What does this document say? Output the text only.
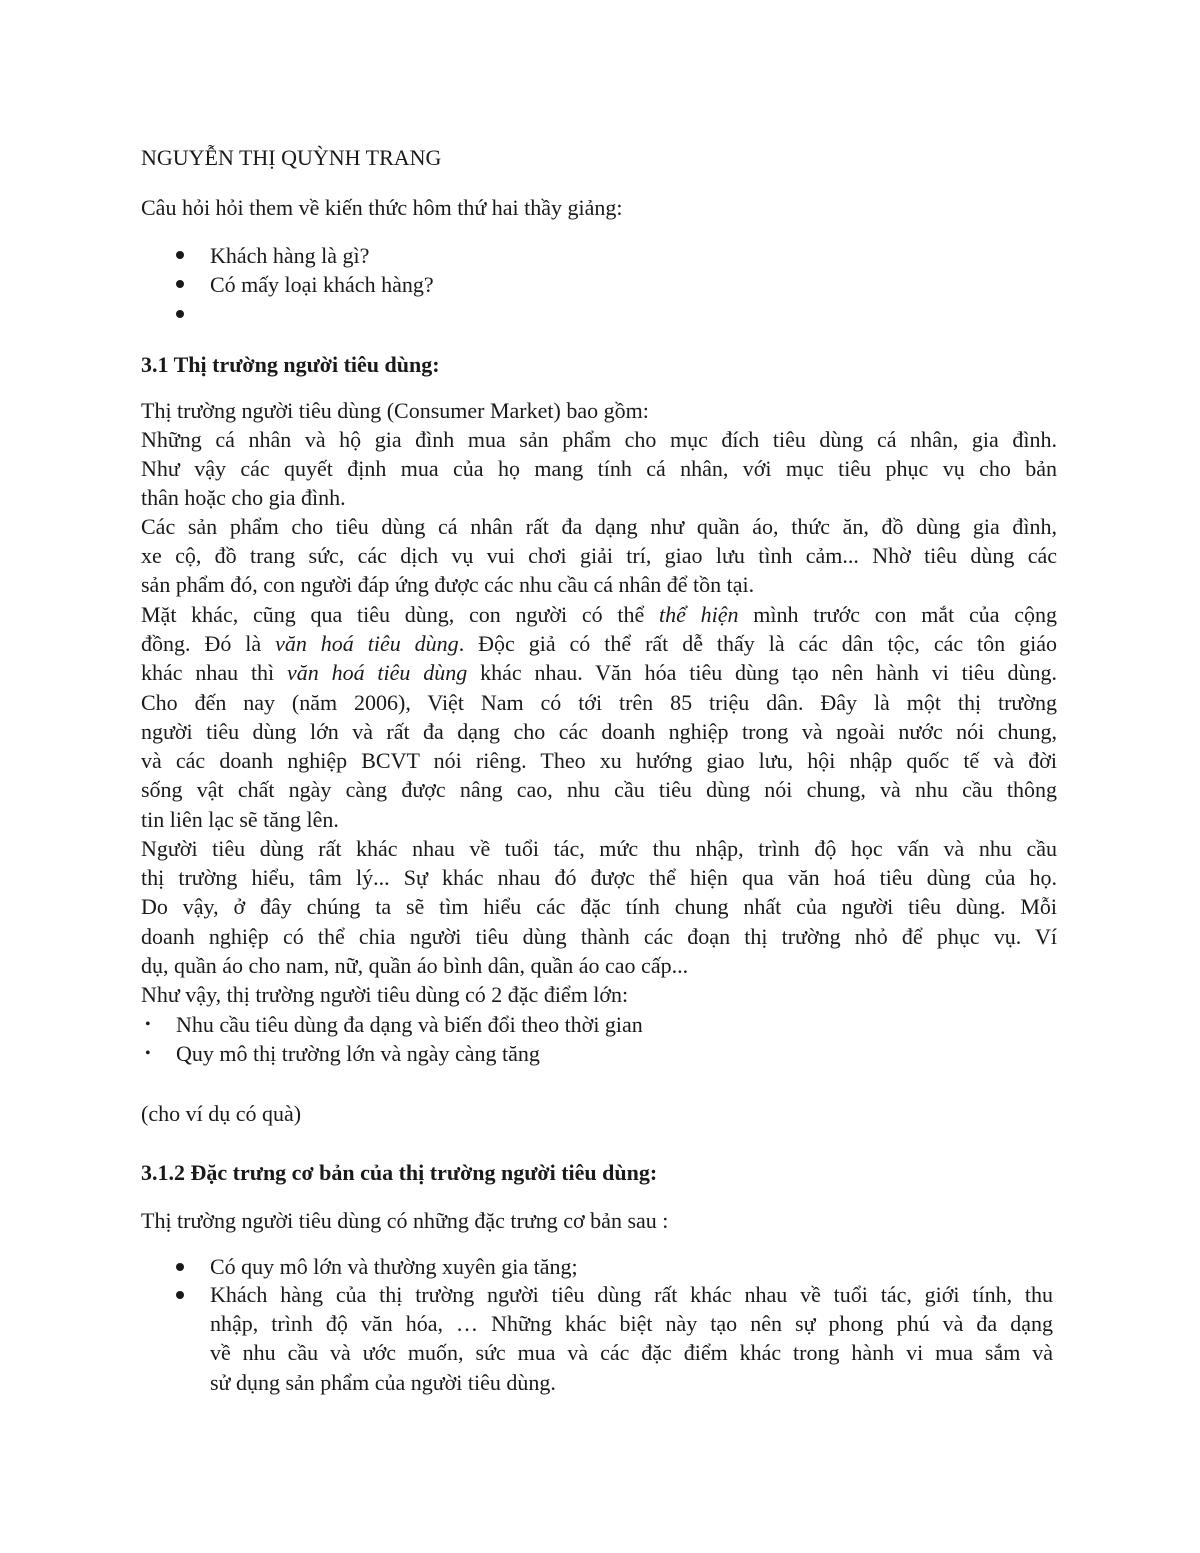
NGUYỄN THỊ QUỲNH TRANG
Câu hỏi hỏi them về kiến thức hôm thứ hai thầy giảng:
Khách hàng là gì?
Có mấy loại khách hàng?
3.1 Thị trường người tiêu dùng:
Thị trường người tiêu dùng (Consumer Market) bao gồm:
Những cá nhân và hộ gia đình mua sản phẩm cho mục đích tiêu dùng cá nhân, gia đình.
Như vậy các quyết định mua của họ mang tính cá nhân, với mục tiêu phục vụ cho bản
thân hoặc cho gia đình.
Các sản phẩm cho tiêu dùng cá nhân rất đa dạng như quần áo, thức ăn, đồ dùng gia đình,
xe cộ, đồ trang sức, các dịch vụ vui chơi giải trí, giao lưu tình cảm... Nhờ tiêu dùng các
sản phẩm đó, con người đáp ứng được các nhu cầu cá nhân để tồn tại.
Mặt khác, cũng qua tiêu dùng, con người có thể thể hiện mình trước con mắt của cộng
đồng. Đó là văn hoá tiêu dùng. Độc giả có thể rất dễ thấy là các dân tộc, các tôn giáo
khác nhau thì văn hoá tiêu dùng khác nhau. Văn hóa tiêu dùng tạo nên hành vi tiêu dùng.
Cho đến nay (năm 2006), Việt Nam có tới trên 85 triệu dân. Đây là một thị trường
người tiêu dùng lớn và rất đa dạng cho các doanh nghiệp trong và ngoài nước nói chung,
và các doanh nghiệp BCVT nói riêng. Theo xu hướng giao lưu, hội nhập quốc tế và đời
sống vật chất ngày càng được nâng cao, nhu cầu tiêu dùng nói chung, và nhu cầu thông
tin liên lạc sẽ tăng lên.
Người tiêu dùng rất khác nhau về tuổi tác, mức thu nhập, trình độ học vấn và nhu cầu
thị trường hiểu, tâm lý... Sự khác nhau đó được thể hiện qua văn hoá tiêu dùng của họ.
Do vậy, ở đây chúng ta sẽ tìm hiểu các đặc tính chung nhất của người tiêu dùng. Mỗi
doanh nghiệp có thể chia người tiêu dùng thành các đoạn thị trường nhỏ để phục vụ. Ví
dụ, quần áo cho nam, nữ, quần áo bình dân, quần áo cao cấp...
Như vậy, thị trường người tiêu dùng có 2 đặc điểm lớn:
• Nhu cầu tiêu dùng đa dạng và biến đổi theo thời gian
• Quy mô thị trường lớn và ngày càng tăng
(cho ví dụ có quà)
3.1.2 Đặc trưng cơ bản của thị trường người tiêu dùng:
Thị trường người tiêu dùng có những đặc trưng cơ bản sau :
Có quy mô lớn và thường xuyên gia tăng;
Khách hàng của thị trường người tiêu dùng rất khác nhau về tuổi tác, giới tính, thu
nhập, trình độ văn hóa, … Những khác biệt này tạo nên sự phong phú và đa dạng
về nhu cầu và ước muốn, sức mua và các đặc điểm khác trong hành vi mua sắm và
sử dụng sản phẩm của người tiêu dùng.
